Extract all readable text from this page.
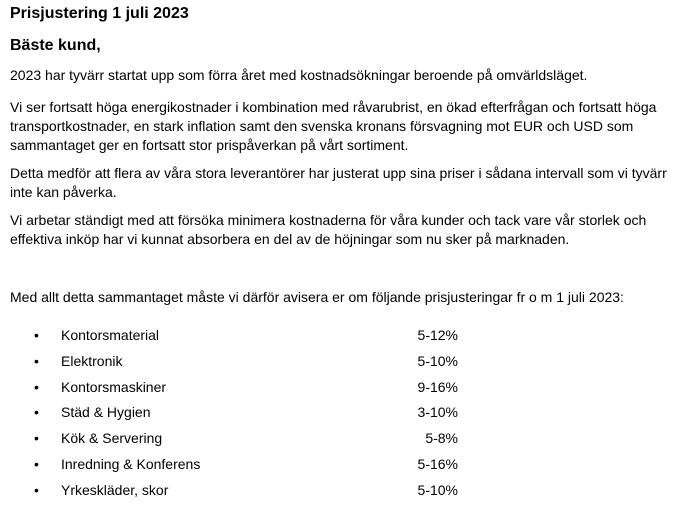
Prisjustering 1 juli 2023
Bäste kund,

2023 har tyvärr startat upp som förra året med kostnadsökningar beroende på omvärldsläget.

Vi ser fortsatt höga energikostnader i kombination med råvarubrist, en ökad efterfrågan och fortsatt höga transportkostnader, en stark inflation samt den svenska kronans försvagning mot EUR och USD som sammantaget ger en fortsatt stor prispåverkan på vårt sortiment.

Detta medför att flera av våra stora leverantörer har justerat upp sina priser i sådana intervall som vi tyvärr inte kan påverka.

Vi arbetar ständigt med att försöka minimera kostnaderna för våra kunder och tack vare vår storlek och effektiva inköp har vi kunnat absorbera en del av de höjningar som nu sker på marknaden.

Med allt detta sammantaget måste vi därför avisera er om följande prisjusteringar fr o m 1 juli 2023:

• Kontorsmaterial	5-12%
• Elektronik	5-10%
• Kontorsmaskiner	9-16%
• Städ & Hygien	3-10%
• Kök & Servering	5-8%
• Inredning & Konferens	5-16%
• Yrkeskläder, skor	5-10%
